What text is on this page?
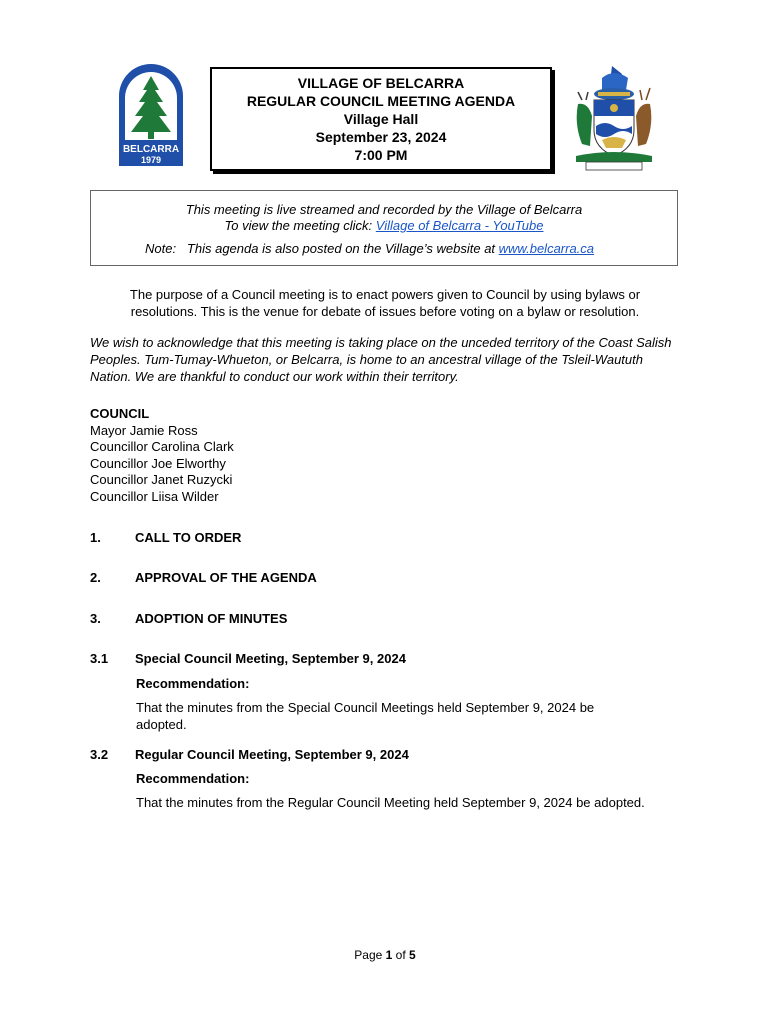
BELCARRA
1979
VILLAGE OF BELCARRA
REGULAR COUNCIL MEETING AGENDA
Village Hall
September 23, 2024
7:00 PM
This meeting is live streamed and recorded by the Village of Belcarra
To view the meeting click: Village of Belcarra - YouTube
Note: This agenda is also posted on the Village’s website at www.belcarra.ca
The purpose of a Council meeting is to enact powers given to Council by using bylaws or resolutions. This is the venue for debate of issues before voting on a bylaw or resolution.
We wish to acknowledge that this meeting is taking place on the unceded territory of the Coast Salish Peoples. Tum-Tumay-Whueton, or Belcarra, is home to an ancestral village of the Tsleil-Waututh Nation. We are thankful to conduct our work within their territory.
COUNCIL
Mayor Jamie Ross
Councillor Carolina Clark
Councillor Joe Elworthy
Councillor Janet Ruzycki
Councillor Liisa Wilder
1.	CALL TO ORDER
2.	APPROVAL OF THE AGENDA
3.	ADOPTION OF MINUTES
3.1 Special Council Meeting, September 9, 2024
Recommendation:
That the minutes from the Special Council Meetings held September 9, 2024 be adopted.
3.2 Regular Council Meeting, September 9, 2024
Recommendation:
That the minutes from the Regular Council Meeting held September 9, 2024 be adopted.
Page 1 of 5
